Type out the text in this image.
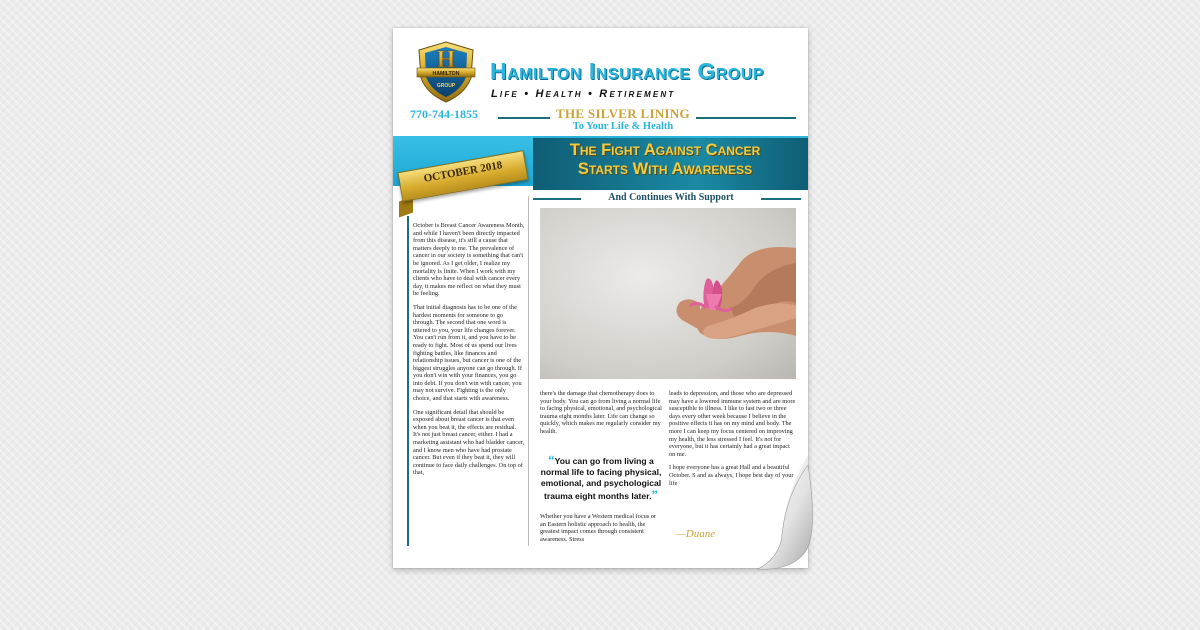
H
HAMILTON
GROUP
Hamilton Insurance Group
Life • Health • Retirement
770-744-1855	THE SILVER LINING
To Your Life & Health
The Fight Against Cancer
Starts With Awareness
OCTOBER 2018
And Continues With Support

October is Breast Cancer Awareness Month, and while I haven't been directly impacted from this disease, it's still a cause that matters deeply to me. The prevalence of cancer in our society is something that can't be ignored. As I get older, I realize my mortality is finite. When I work with my clients who have to deal with cancer every day, it makes me reflect on what they must be feeling.

That initial diagnosis has to be one of the hardest moments for someone to go through. The second that one word is uttered to you, your life changes forever. You can't run from it, and you have to be ready to fight. Most of us spend our lives fighting battles, like finances and relationship issues, but cancer is one of the biggest struggles anyone can go through. If you don't win with your finances, you go into debt. If you don't win with cancer, you may not survive. Fighting is the only choice, and that starts with awareness.

One significant detail that should be exposed about breast cancer is that even when you beat it, the effects are residual. It's not just breast cancer, either. I had a marketing assistant who had bladder cancer, and I know men who have had prostate cancer. But even if they beat it, they will continue to face daily challenges. On top of that,

there's the damage that chemotherapy does to your body. You can go from living a normal life to facing physical, emotional, and psychological trauma eight months later. Life can change so quickly, which makes me regularly consider my health.

“You can go from living a normal life to facing physical, emotional, and psychological trauma eight months later.”

Whether you have a Western medical focus or an Eastern holistic approach to health, the greatest impact comes through consistent awareness. Stress

leads to depression, and those who are depressed may have a lowered immune system and are more susceptible to illness. I like to fast two or three days every other week because I believe in the positive effects it has on my mind and body. The more I can keep my focus centered on improving my health, the less stressed I feel. It's not for everyone, but it has certainly had a great impact on me.

I hope everyone has a great Hall and a beautiful October. S and as always, I hope best day of your life

—Duane
